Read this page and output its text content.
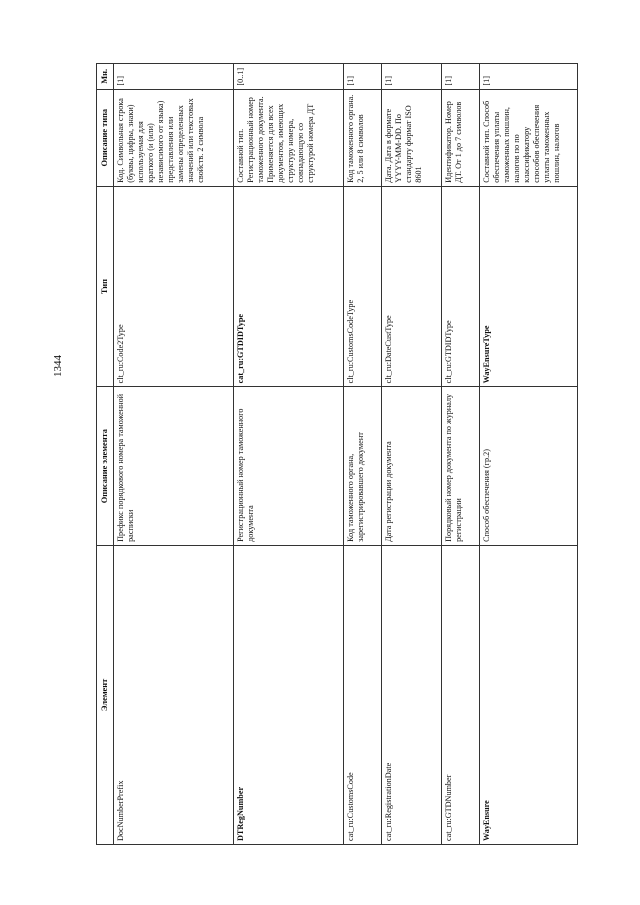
1344
Элемент	Описание элемента	Тип	Описание типа	Мн.
DocNumberPrefix	Префикс порядкового номера таможенной расписки	clt_ru:Code2Type	Код. Символьная строка (буквы, цифры, знаки) используемая для краткого (и (или) независимого от языка) представления или замены определенных значений или текстовых свойств. 2 символа	[1]
DTRegNumber	Регистрационный номер таможенного документа	cat_ru:GTDIDType	Составной тип. Регистрационный номер таможенного документа. Применяется для всех документов, имеющих структуру номера, совпадающую со структурой номера ДТ	[0..1]
cat_ru:CustomsCode	Код таможенного органа, зарегистрировавшего документ	clt_ru:CustomsCodeType	Код таможенного органа. 2, 5 или 8 символов	[1]
cat_ru:RegistrationDate	Дата регистрации документа	clt_ru:DateCustType	Дата. Дата в формате YYYY-MM-DD. По стандарту формат ISO 8601	[1]
cat_ru:GTDNumber	Порядковый номер документа по журналу регистрации	clt_ru:GTDIDType	Идентификатор. Номер ДТ. От 1 до 7 символов	[1]
WayEnsure	Способ обеспечения (гр.2)	WayEnsureType	Составной тип. Способ обеспечения уплаты таможенных пошлин, налогов по по классификатору способов обеспечения уплаты таможенных пошлин, налогов	[1]
